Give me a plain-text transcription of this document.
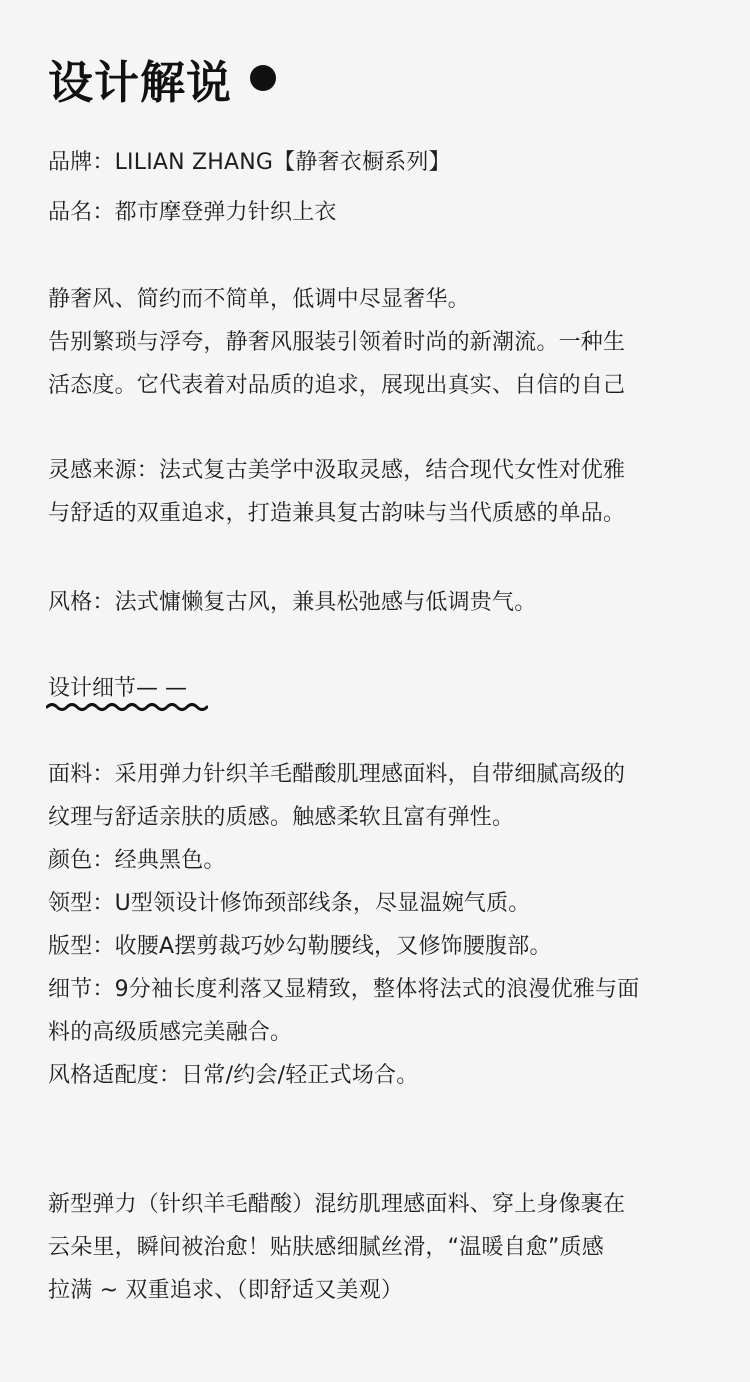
设计解说
品牌：LILIAN ZHANG【静奢衣橱系列】
品名：都市摩登弹力针织上衣
静奢风、简约而不简单，低调中尽显奢华。
告别繁琐与浮夸，静奢风服装引领着时尚的新潮流。一种生
活态度。它代表着对品质的追求，展现出真实、自信的自己
灵感来源：法式复古美学中汲取灵感，结合现代女性对优雅
与舒适的双重追求，打造兼具复古韵味与当代质感的单品。
风格：法式慵懒复古风，兼具松弛感与低调贵气。
设计细节— —
面料：采用弹力针织羊毛醋酸肌理感面料，自带细腻高级的
纹理与舒适亲肤的质感。触感柔软且富有弹性。
颜色：经典黑色。
领型：U型领设计修饰颈部线条，尽显温婉气质。
版型：收腰A摆剪裁巧妙勾勒腰线，又修饰腰腹部。
细节：9分袖长度利落又显精致，整体将法式的浪漫优雅与面
料的高级质感完美融合。
风格适配度：日常/约会/轻正式场合。
新型弹力（针织羊毛醋酸）混纺肌理感面料、穿上身像裹在
云朵里，瞬间被治愈！贴肤感细腻丝滑，“温暖自愈”质感
拉满 ~ 双重追求、（即舒适又美观）
